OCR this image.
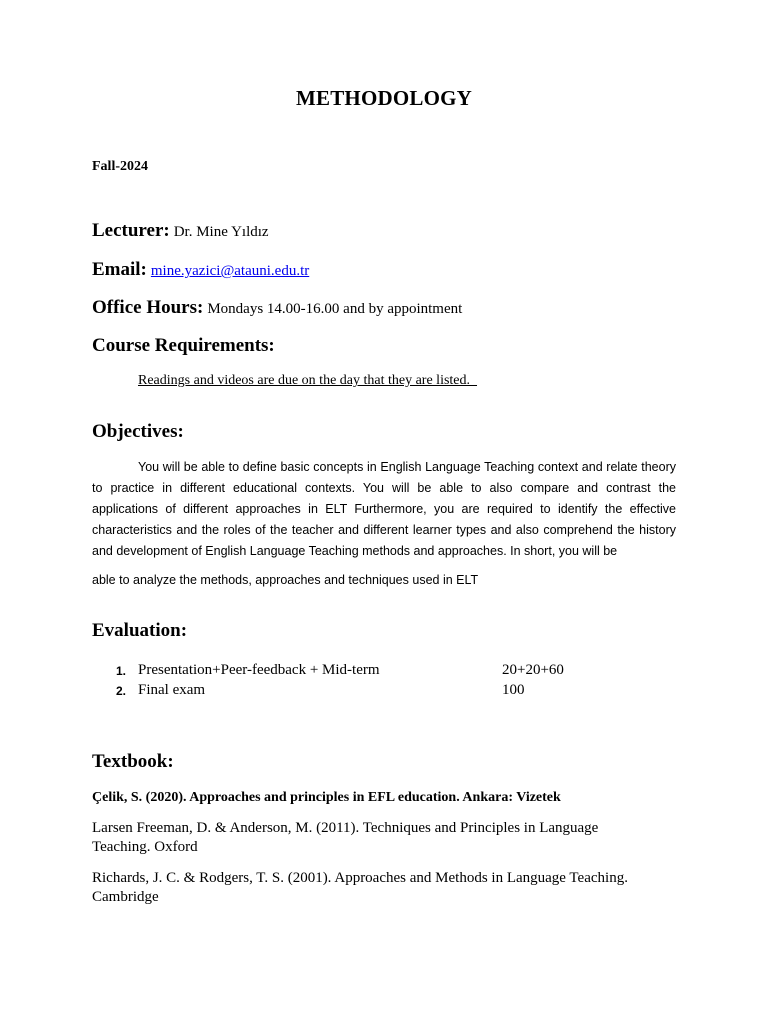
METHODOLOGY
Fall-2024
Lecturer: Dr. Mine Yıldız
Email: mine.yazici@atauni.edu.tr
Office Hours: Mondays 14.00-16.00 and by appointment
Course Requirements:
Readings and videos are due on the day that they are listed.
Objectives:

You will be able to define basic concepts in English Language Teaching context and relate theory to practice in different educational contexts. You will be able to also compare and contrast the applications of different approaches in ELT Furthermore, you are required to identify the effective characteristics and the roles of the teacher and different learner types and also comprehend the history and development of English Language Teaching methods and approaches. In short, you will be

able to analyze the methods, approaches and techniques used in ELT
Evaluation:
1. Presentation+Peer-feedback + Mid-term	20+20+60
2. Final exam	100
Textbook:

Çelik, S. (2020). Approaches and principles in EFL education. Ankara: Vizetek

Larsen Freeman, D. & Anderson, M. (2011). Techniques and Principles in Language Teaching. Oxford

Richards, J. C. & Rodgers, T. S. (2001). Approaches and Methods in Language Teaching. Cambridge
